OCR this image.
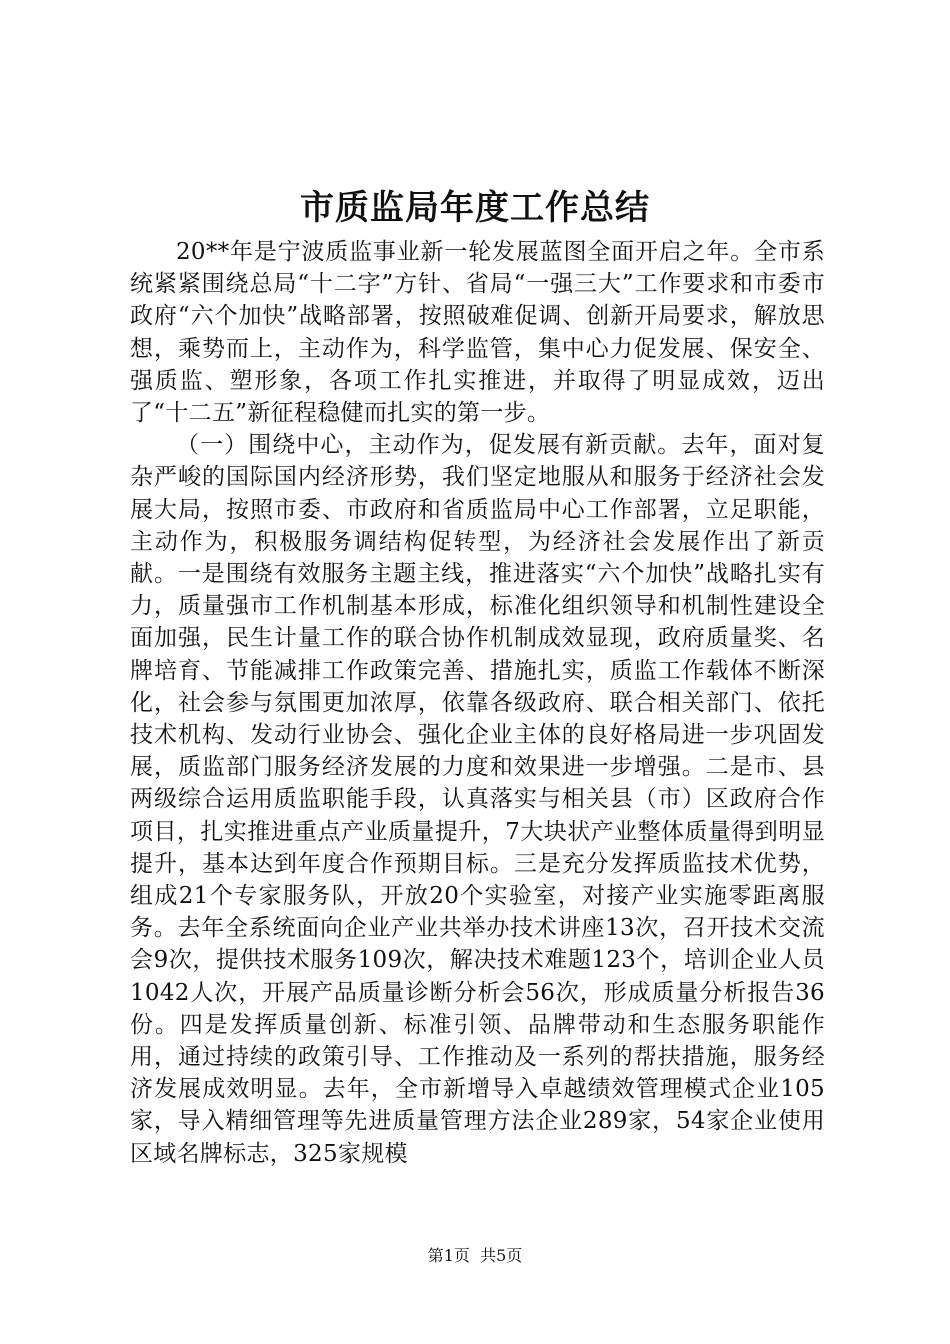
市质监局年度工作总结

20**年是宁波质监事业新一轮发展蓝图全面开启之年。全市系统紧紧围绕总局“十二字”方针、省局“一强三大”工作要求和市委市政府“六个加快”战略部署，按照破难促调、创新开局要求，解放思想，乘势而上，主动作为，科学监管，集中心力促发展、保安全、强质监、塑形象，各项工作扎实推进，并取得了明显成效，迈出了“十二五”新征程稳健而扎实的第一步。

（一）围绕中心，主动作为，促发展有新贡献。去年，面对复杂严峻的国际国内经济形势，我们坚定地服从和服务于经济社会发展大局，按照市委、市政府和省质监局中心工作部署，立足职能，主动作为，积极服务调结构促转型，为经济社会发展作出了新贡献。一是围绕有效服务主题主线，推进落实“六个加快”战略扎实有力，质量强市工作机制基本形成，标准化组织领导和机制性建设全面加强，民生计量工作的联合协作机制成效显现，政府质量奖、名牌培育、节能减排工作政策完善、措施扎实，质监工作载体不断深化，社会参与氛围更加浓厚，依靠各级政府、联合相关部门、依托技术机构、发动行业协会、强化企业主体的良好格局进一步巩固发展，质监部门服务经济发展的力度和效果进一步增强。二是市、县两级综合运用质监职能手段，认真落实与相关县（市）区政府合作项目，扎实推进重点产业质量提升，7大块状产业整体质量得到明显提升，基本达到年度合作预期目标。三是充分发挥质监技术优势，组成21个专家服务队，开放20个实验室，对接产业实施零距离服务。去年全系统面向企业产业共举办技术讲座13次，召开技术交流会9次，提供技术服务109次，解决技术难题123个，培训企业人员1042人次，开展产品质量诊断分析会56次，形成质量分析报告36份。四是发挥质量创新、标准引领、品牌带动和生态服务职能作用，通过持续的政策引导、工作推动及一系列的帮扶措施，服务经济发展成效明显。去年，全市新增导入卓越绩效管理模式企业105家，导入精细管理等先进质量管理方法企业289家，54家企业使用区域名牌标志，325家规模

第1页 共5页
